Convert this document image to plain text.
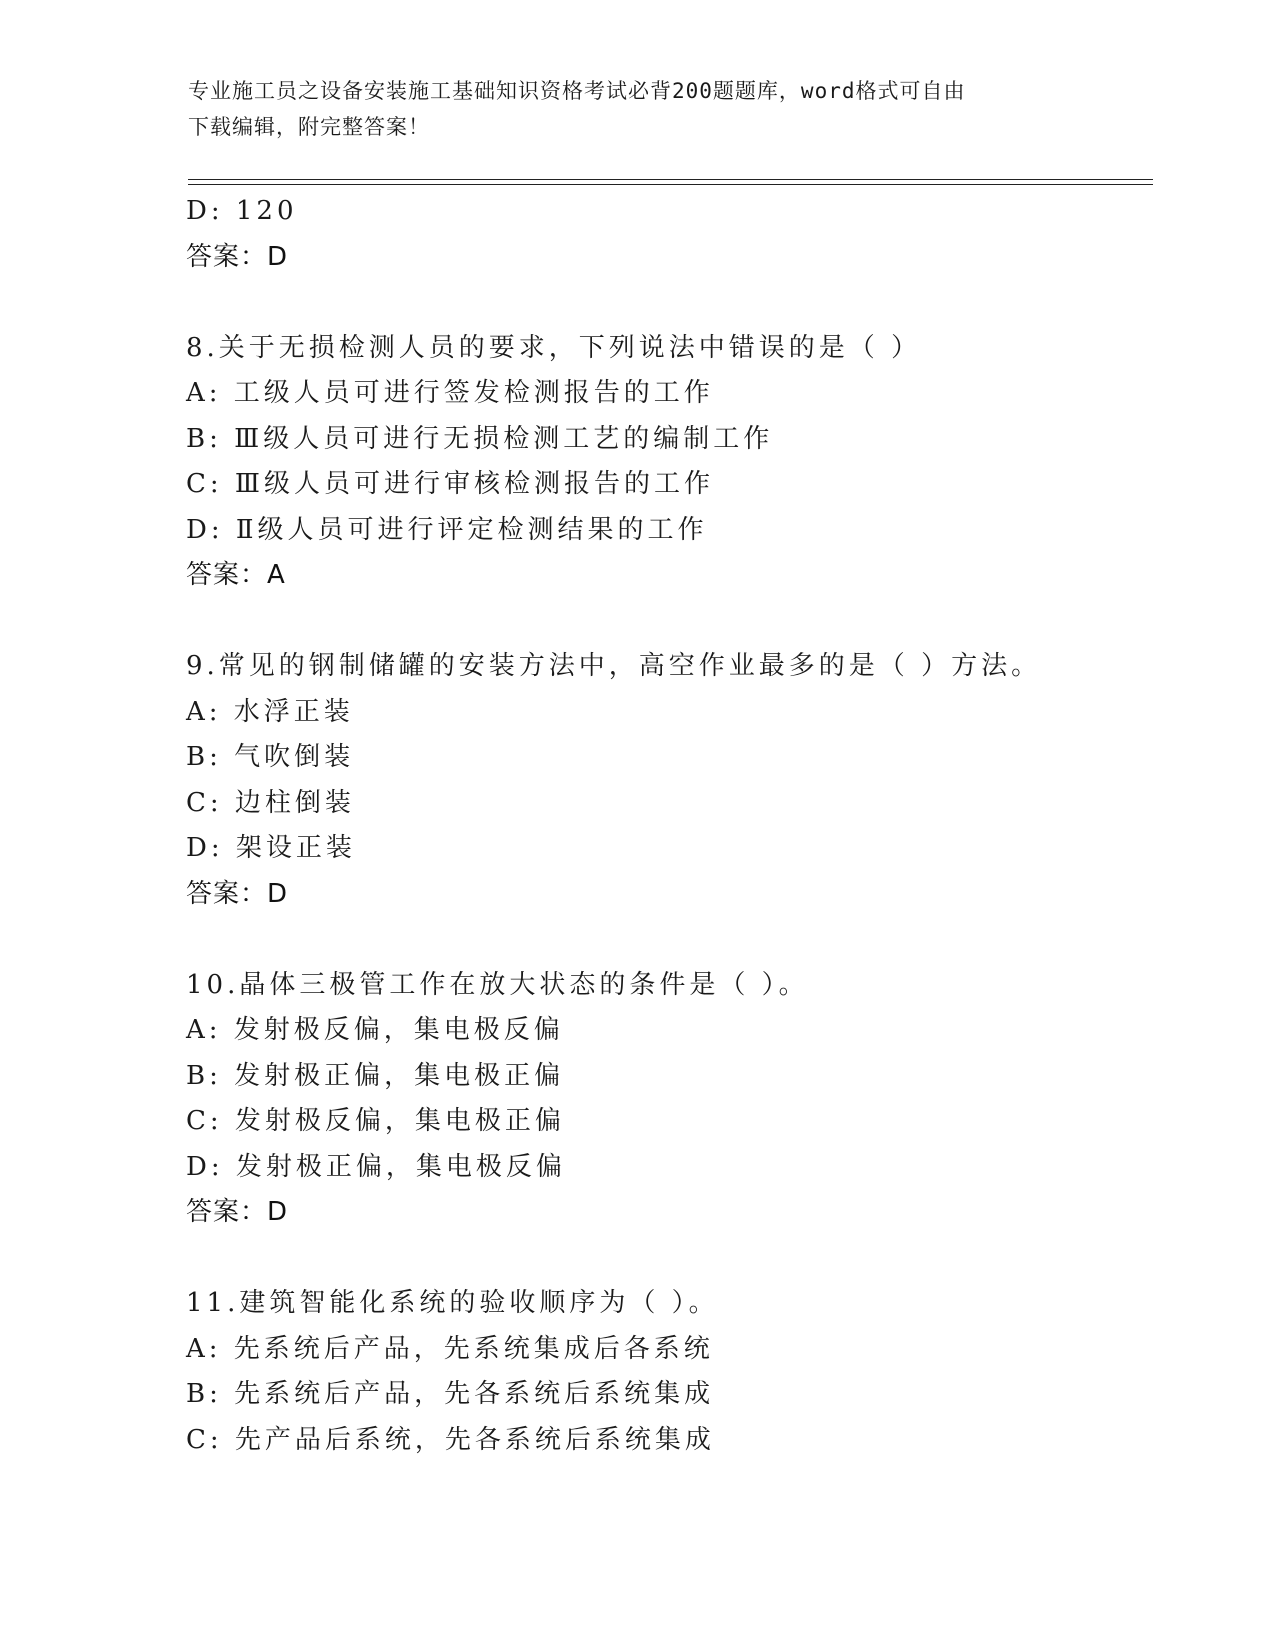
专业施工员之设备安装施工基础知识资格考试必背200题题库，word格式可自由
下载编辑，附完整答案！
D: 120
答案：D
8.关于无损检测人员的要求，下列说法中错误的是（ ）
A: 工级人员可进行签发检测报告的工作
B: Ⅲ级人员可进行无损检测工艺的编制工作
C: Ⅲ级人员可进行审核检测报告的工作
D: Ⅱ级人员可进行评定检测结果的工作
答案：A
9.常见的钢制储罐的安装方法中，高空作业最多的是（ ）方法。
A: 水浮正装
B: 气吹倒装
C: 边柱倒装
D: 架设正装
答案：D
10.晶体三极管工作在放大状态的条件是（ ）。
A: 发射极反偏，集电极反偏
B: 发射极正偏，集电极正偏
C: 发射极反偏，集电极正偏
D: 发射极正偏，集电极反偏
答案：D
11.建筑智能化系统的验收顺序为（ ）。
A: 先系统后产品，先系统集成后各系统
B: 先系统后产品，先各系统后系统集成
C: 先产品后系统，先各系统后系统集成
